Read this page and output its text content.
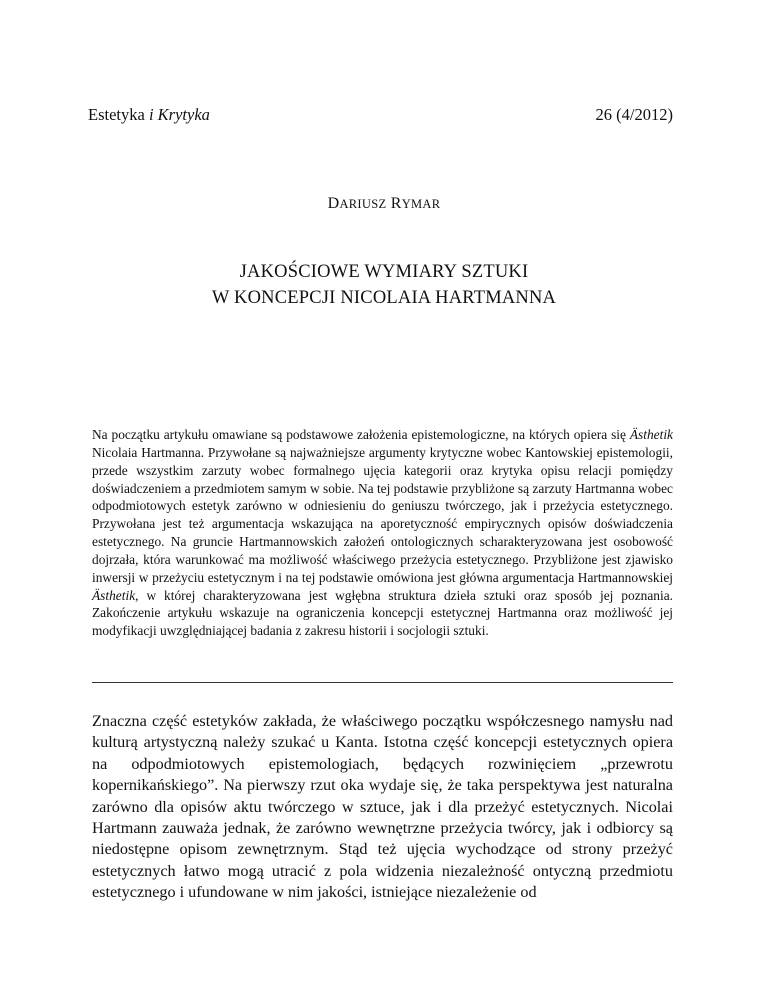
Estetyka i Krytyka	26 (4/2012)
DARIUSZ RYMAR
JAKOŚCIOWE WYMIARY SZTUKI
W KONCEPCJI NICOLAIA HARTMANNA
Na początku artykułu omawiane są podstawowe założenia epistemologiczne, na których opiera się Ästhetik Nicolaia Hartmanna. Przywołane są najważniejsze argumenty krytyczne wobec Kantowskiej epistemologii, przede wszystkim zarzuty wobec formalnego ujęcia kategorii oraz krytyka opisu relacji pomiędzy doświadczeniem a przedmiotem samym w sobie. Na tej podstawie przybliżone są zarzuty Hartmanna wobec odpodmiotowych estetyk zarówno w odniesieniu do geniuszu twórczego, jak i przeżycia estetycznego. Przywołana jest też argumentacja wskazująca na aporetyczność empirycznych opisów doświadczenia estetycznego. Na gruncie Hartmannowskich założeń ontologicznych scharakteryzowana jest osobowość dojrzała, która warunkować ma możliwość właściwego przeżycia estetycznego. Przybliżone jest zjawisko inwersji w przeżyciu estetycznym i na tej podstawie omówiona jest główna argumentacja Hartmannowskiej Ästhetik, w której charakteryzowana jest wgłębna struktura dzieła sztuki oraz sposób jej poznania. Zakończenie artykułu wskazuje na ograniczenia koncepcji estetycznej Hartmanna oraz możliwość jej modyfikacji uwzględniającej badania z zakresu historii i socjologii sztuki.
Znaczna część estetyków zakłada, że właściwego początku współczesnego namysłu nad kulturą artystyczną należy szukać u Kanta. Istotna część koncepcji estetycznych opiera na odpodmiotowych epistemologiach, będących rozwinięciem „przewrotu kopernikańskiego”. Na pierwszy rzut oka wydaje się, że taka perspektywa jest naturalna zarówno dla opisów aktu twórczego w sztuce, jak i dla przeżyć estetycznych. Nicolai Hartmann zauważa jednak, że zarówno wewnętrzne przeżycia twórcy, jak i odbiorcy są niedostępne opisom zewnętrznym. Stąd też ujęcia wychodzące od strony przeżyć estetycznych łatwo mogą utracić z pola widzenia niezależność ontyczną przedmiotu estetycznego i ufundowane w nim jakości, istniejące niezależenie od
